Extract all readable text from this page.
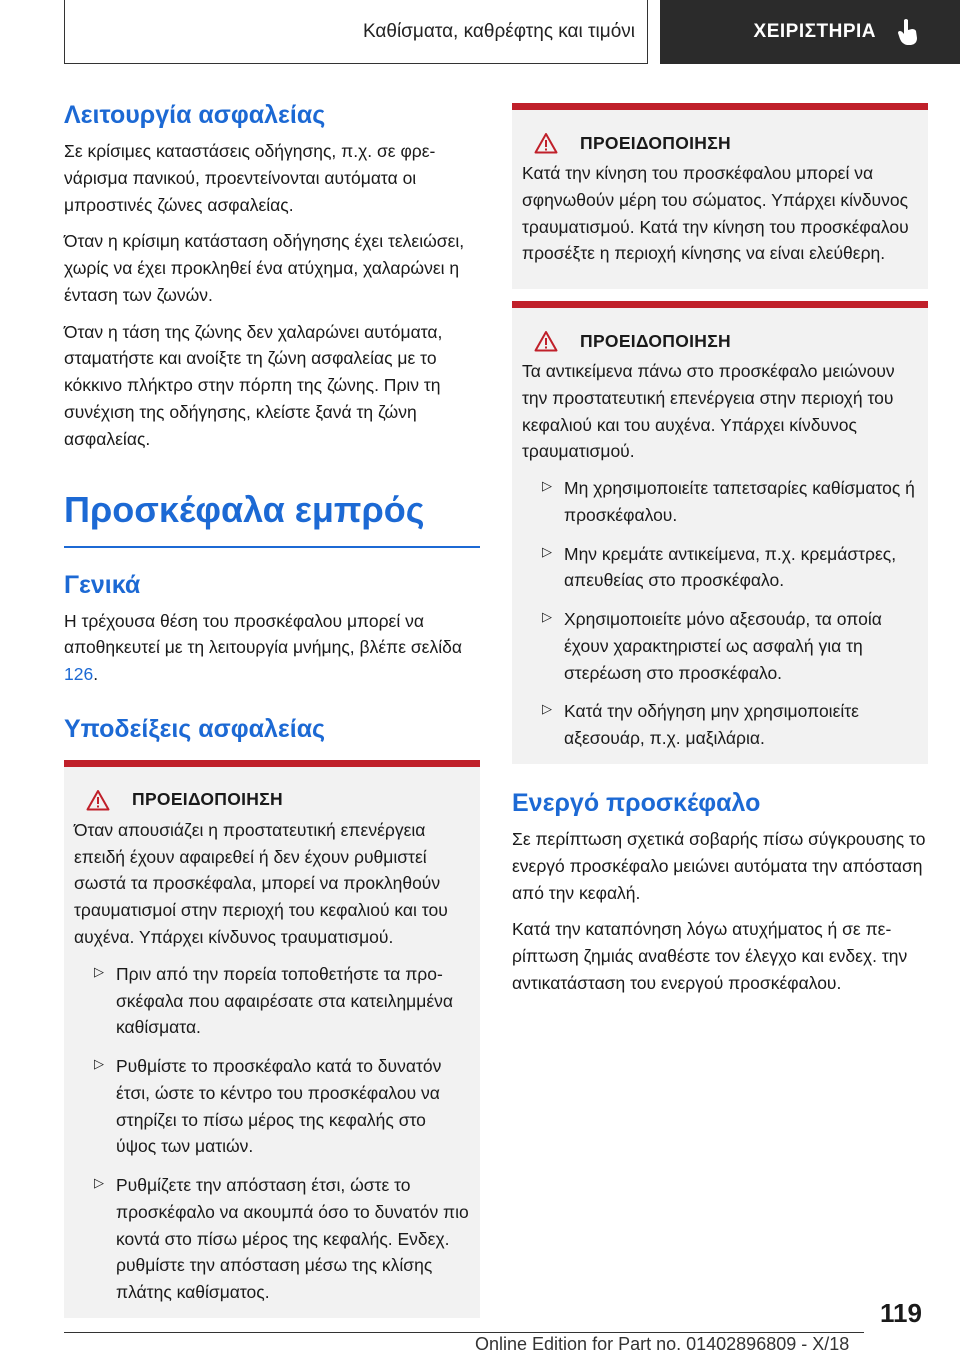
Καθίσματα, καθρέφτης και τιμόνι	ΧΕΙΡΙΣΤΗΡΙΑ
Λειτουργία ασφαλείας

Σε κρίσιμες καταστάσεις οδήγησης, π.χ. σε φρενάρισμα πανικού, προεντείνονται αυτόματα οι μπροστινές ζώνες ασφαλείας.

Όταν η κρίσιμη κατάσταση οδήγησης έχει τελειώσει, χωρίς να έχει προκληθεί ένα ατύχημα, χαλαρώνει η ένταση των ζωνών.

Όταν η τάση της ζώνης δεν χαλαρώνει αυτόματα, σταματήστε και ανοίξτε τη ζώνη ασφαλείας με το κόκκινο πλήκτρο στην πόρπη της ζώνης. Πριν τη συνέχιση της οδήγησης, κλείστε ξανά τη ζώνη ασφαλείας.

Προσκέφαλα εμπρός
Γενικά

Η τρέχουσα θέση του προσκέφαλου μπορεί να αποθηκευτεί με τη λειτουργία μνήμης, βλέπε σελίδα 126.

Υποδείξεις ασφαλείας
ΠΡΟΕΙΔΟΠΟΙΗΣΗ

Όταν απουσιάζει η προστατευτική επενέργεια επειδή έχουν αφαιρεθεί ή δεν έχουν ρυθμιστεί σωστά τα προσκέφαλα, μπορεί να προκληθούν τραυματισμοί στην περιοχή του κεφαλιού και του αυχένα. Υπάρχει κίνδυνος τραυματισμού.

▷ Πριν από την πορεία τοποθετήστε τα προσκέφαλα που αφαιρέσατε στα κατειλημμένα καθίσματα.
▷ Ρυθμίστε το προσκέφαλο κατά το δυνατόν έτσι, ώστε το κέντρο του προσκέφαλου να στηρίζει το πίσω μέρος της κεφαλής στο ύψος των ματιών.
▷ Ρυθμίζετε την απόσταση έτσι, ώστε το προσκέφαλο να ακουμπά όσο το δυνατόν πιο κοντά στο πίσω μέρος της κεφαλής. Ενδεχ. ρυθμίστε την απόσταση μέσω της κλίσης πλάτης καθίσματος.
ΠΡΟΕΙΔΟΠΟΙΗΣΗ

Κατά την κίνηση του προσκέφαλου μπορεί να σφηνωθούν μέρη του σώματος. Υπάρχει κίνδυνος τραυματισμού. Κατά την κίνηση του προσκέφαλου προσέξτε η περιοχή κίνησης να είναι ελεύθερη.

ΠΡΟΕΙΔΟΠΟΙΗΣΗ

Τα αντικείμενα πάνω στο προσκέφαλο μειώνουν την προστατευτική επενέργεια στην περιοχή του κεφαλιού και του αυχένα. Υπάρχει κίνδυνος τραυματισμού.

▷ Μη χρησιμοποιείτε ταπετσαρίες καθίσματος ή προσκέφαλου.
▷ Μην κρεμάτε αντικείμενα, π.χ. κρεμάστρες, απευθείας στο προσκέφαλο.
▷ Χρησιμοποιείτε μόνο αξεσουάρ, τα οποία έχουν χαρακτηριστεί ως ασφαλή για τη στερέωση στο προσκέφαλο.
▷ Κατά την οδήγηση μην χρησιμοποιείτε αξεσουάρ, π.χ. μαξιλάρια.
Ενεργό προσκέφαλο

Σε περίπτωση σχετικά σοβαρής πίσω σύγκρουσης το ενεργό προσκέφαλο μειώνει αυτόματα την απόσταση από την κεφαλή.

Κατά την καταπόνηση λόγω ατυχήματος ή σε περίπτωση ζημιάς αναθέστε τον έλεγχο και ενδεχ. την αντικατάσταση του ενεργού προσκέφαλου.

119
Online Edition for Part no. 01402896809 - X/18
